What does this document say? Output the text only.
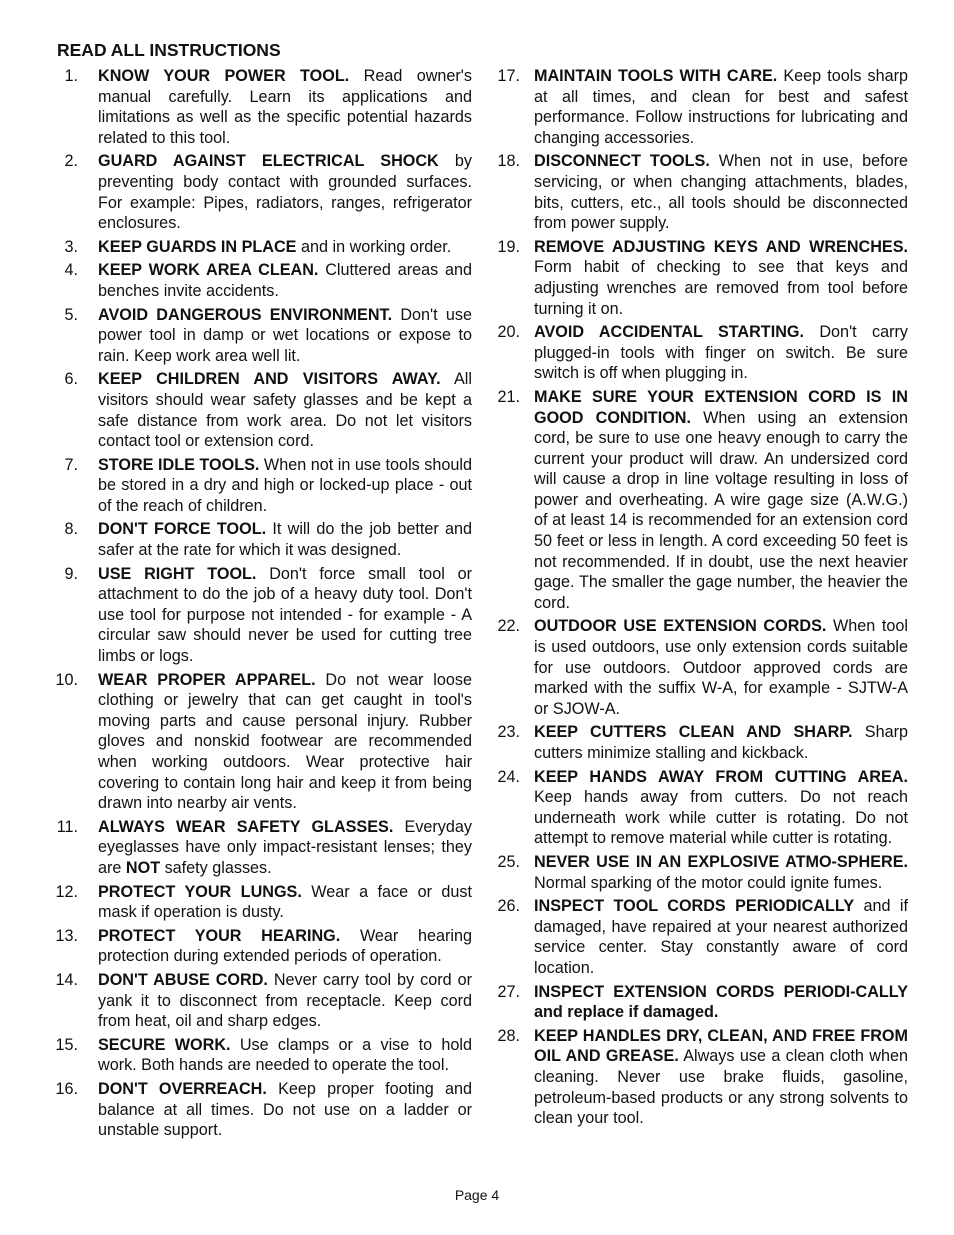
READ ALL INSTRUCTIONS
1. KNOW YOUR POWER TOOL. Read owner's manual carefully. Learn its applications and limitations as well as the specific potential hazards related to this tool.
2. GUARD AGAINST ELECTRICAL SHOCK by preventing body contact with grounded surfaces. For example: Pipes, radiators, ranges, refrigerator enclosures.
3. KEEP GUARDS IN PLACE and in working order.
4. KEEP WORK AREA CLEAN. Cluttered areas and benches invite accidents.
5. AVOID DANGEROUS ENVIRONMENT. Don't use power tool in damp or wet locations or expose to rain. Keep work area well lit.
6. KEEP CHILDREN AND VISITORS AWAY. All visitors should wear safety glasses and be kept a safe distance from work area. Do not let visitors contact tool or extension cord.
7. STORE IDLE TOOLS. When not in use tools should be stored in a dry and high or locked-up place - out of the reach of children.
8. DON'T FORCE TOOL. It will do the job better and safer at the rate for which it was designed.
9. USE RIGHT TOOL. Don't force small tool or attachment to do the job of a heavy duty tool. Don't use tool for purpose not intended - for example - A circular saw should never be used for cutting tree limbs or logs.
10. WEAR PROPER APPAREL. Do not wear loose clothing or jewelry that can get caught in tool's moving parts and cause personal injury. Rubber gloves and nonskid footwear are recommended when working outdoors. Wear protective hair covering to contain long hair and keep it from being drawn into nearby air vents.
11. ALWAYS WEAR SAFETY GLASSES. Everyday eyeglasses have only impact-resistant lenses; they are NOT safety glasses.
12. PROTECT YOUR LUNGS. Wear a face or dust mask if operation is dusty.
13. PROTECT YOUR HEARING. Wear hearing protection during extended periods of operation.
14. DON'T ABUSE CORD. Never carry tool by cord or yank it to disconnect from receptacle. Keep cord from heat, oil and sharp edges.
15. SECURE WORK. Use clamps or a vise to hold work. Both hands are needed to operate the tool.
16. DON'T OVERREACH. Keep proper footing and balance at all times. Do not use on a ladder or unstable support.
17. MAINTAIN TOOLS WITH CARE. Keep tools sharp at all times, and clean for best and safest performance. Follow instructions for lubricating and changing accessories.
18. DISCONNECT TOOLS. When not in use, before servicing, or when changing attachments, blades, bits, cutters, etc., all tools should be disconnected from power supply.
19. REMOVE ADJUSTING KEYS AND WRENCHES. Form habit of checking to see that keys and adjusting wrenches are removed from tool before turning it on.
20. AVOID ACCIDENTAL STARTING. Don't carry plugged-in tools with finger on switch. Be sure switch is off when plugging in.
21. MAKE SURE YOUR EXTENSION CORD IS IN GOOD CONDITION. When using an extension cord, be sure to use one heavy enough to carry the current your product will draw. An undersized cord will cause a drop in line voltage resulting in loss of power and overheating. A wire gage size (A.W.G.) of at least 14 is recommended for an extension cord 50 feet or less in length. A cord exceeding 50 feet is not recommended. If in doubt, use the next heavier gage. The smaller the gage number, the heavier the cord.
22. OUTDOOR USE EXTENSION CORDS. When tool is used outdoors, use only extension cords suitable for use outdoors. Outdoor approved cords are marked with the suffix W-A, for example - SJTW-A or SJOW-A.
23. KEEP CUTTERS CLEAN AND SHARP. Sharp cutters minimize stalling and kickback.
24. KEEP HANDS AWAY FROM CUTTING AREA. Keep hands away from cutters. Do not reach underneath work while cutter is rotating. Do not attempt to remove material while cutter is rotating.
25. NEVER USE IN AN EXPLOSIVE ATMO-SPHERE. Normal sparking of the motor could ignite fumes.
26. INSPECT TOOL CORDS PERIODICALLY and if damaged, have repaired at your nearest authorized service center. Stay constantly aware of cord location.
27. INSPECT EXTENSION CORDS PERIODI-CALLY and replace if damaged.
28. KEEP HANDLES DRY, CLEAN, AND FREE FROM OIL AND GREASE. Always use a clean cloth when cleaning. Never use brake fluids, gasoline, petroleum-based products or any strong solvents to clean your tool.
Page 4
